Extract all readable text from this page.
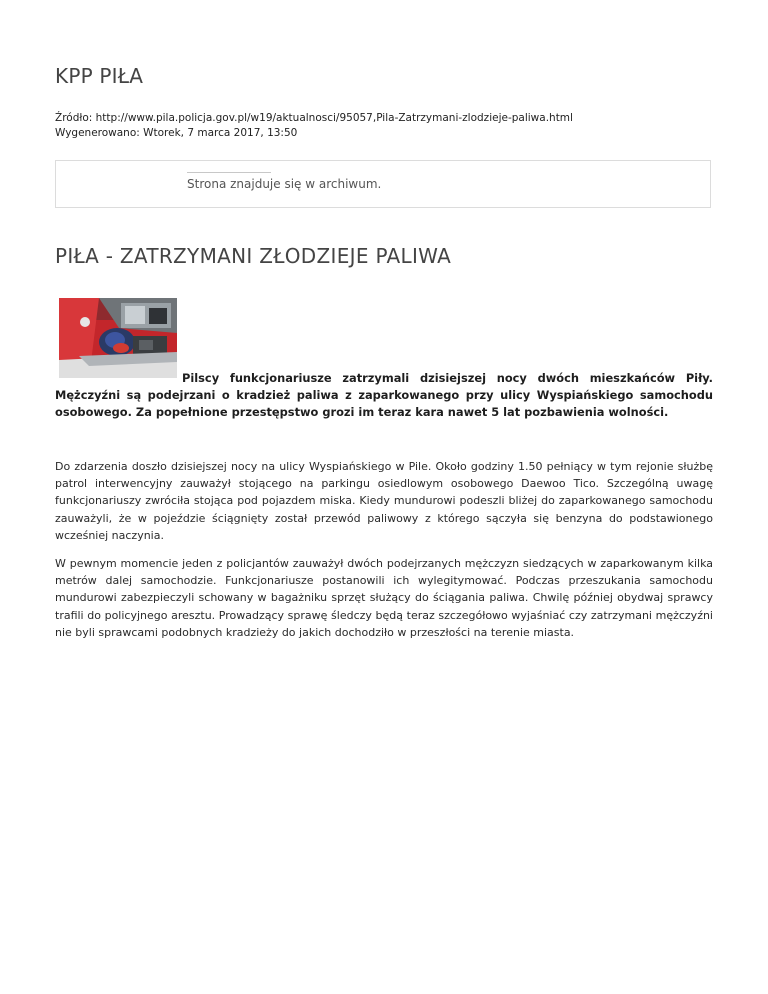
KPP PIŁA
Źródło: http://www.pila.policja.gov.pl/w19/aktualnosci/95057,Pila-Zatrzymani-zlodzieje-paliwa.html
Wygenerowano: Wtorek, 7 marca 2017, 13:50
Strona znajduje się w archiwum.
PIŁA - ZATRZYMANI ZŁODZIEJE PALIWA
Pilscy funkcjonariusze zatrzymali dzisiejszej nocy dwóch mieszkańców Piły.
Mężczyźni są podejrzani o kradzież paliwa z zaparkowanego przy ulicy Wyspiańskiego samochodu osobowego. Za popełnione przestępstwo grozi im teraz kara nawet 5 lat pozbawienia wolności.

Do zdarzenia doszło dzisiejszej nocy na ulicy Wyspiańskiego w Pile. Około godziny 1.50 pełniący w tym rejonie służbę patrol interwencyjny zauważył stojącego na parkingu osiedlowym osobowego Daewoo Tico. Szczególną uwagę funkcjonariuszy zwróciła stojąca pod pojazdem miska. Kiedy mundurowi podeszli bliżej do zaparkowanego samochodu zauważyli, że w pojeździe ściągnięty został przewód paliwowy z którego sączyła się benzyna do podstawionego wcześniej naczynia.

W pewnym momencie jeden z policjantów zauważył dwóch podejrzanych mężczyzn siedzących w zaparkowanym kilka metrów dalej samochodzie. Funkcjonariusze postanowili ich wylegitymować. Podczas przeszukania samochodu mundurowi zabezpieczyli schowany w bagażniku sprzęt służący do ściągania paliwa. Chwilę później obydwaj sprawcy trafili do policyjnego aresztu. Prowadzący sprawę śledczy będą teraz szczegółowo wyjaśniać czy zatrzymani mężczyźni nie byli sprawcami podobnych kradzieży do jakich dochodziło w przeszłości na terenie miasta.
